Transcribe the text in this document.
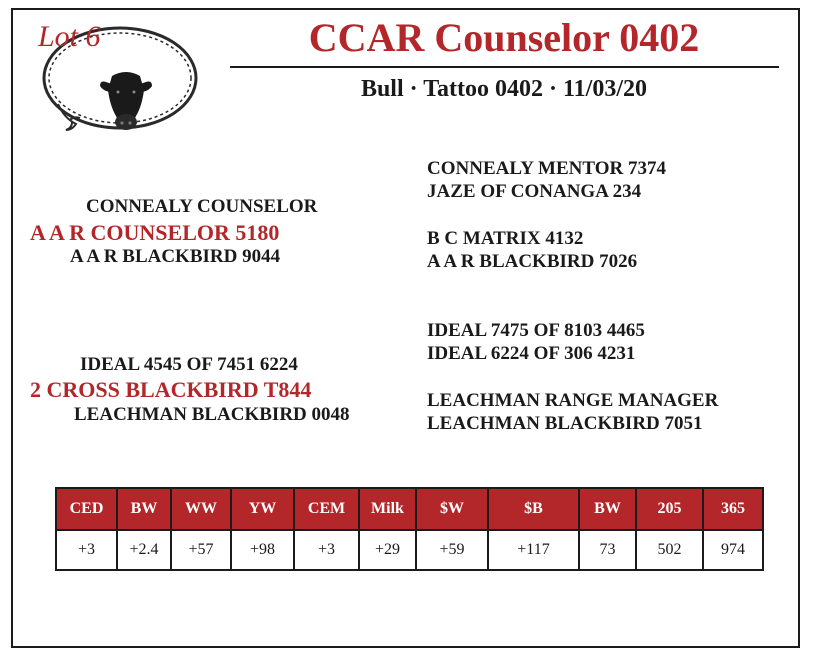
Lot 6	CCAR Counselor 0402
Bull · Tattoo 0402 · 11/03/20
CONNEALY COUNSELOR
A A R COUNSELOR 5180
A A R BLACKBIRD 9044
CONNEALY MENTOR 7374
JAZE OF CONANGA 234
B C MATRIX 4132
A A R BLACKBIRD 7026
IDEAL 4545 OF 7451 6224
2 CROSS BLACKBIRD T844
LEACHMAN BLACKBIRD 0048
IDEAL 7475 OF 8103 4465
IDEAL 6224 OF 306 4231
LEACHMAN RANGE MANAGER
LEACHMAN BLACKBIRD 7051
CED	BW	WW	YW	CEM	Milk	$W	$B	BW	205	365
+3	+2.4	+57	+98	+3	+29	+59	+117	73	502	974
